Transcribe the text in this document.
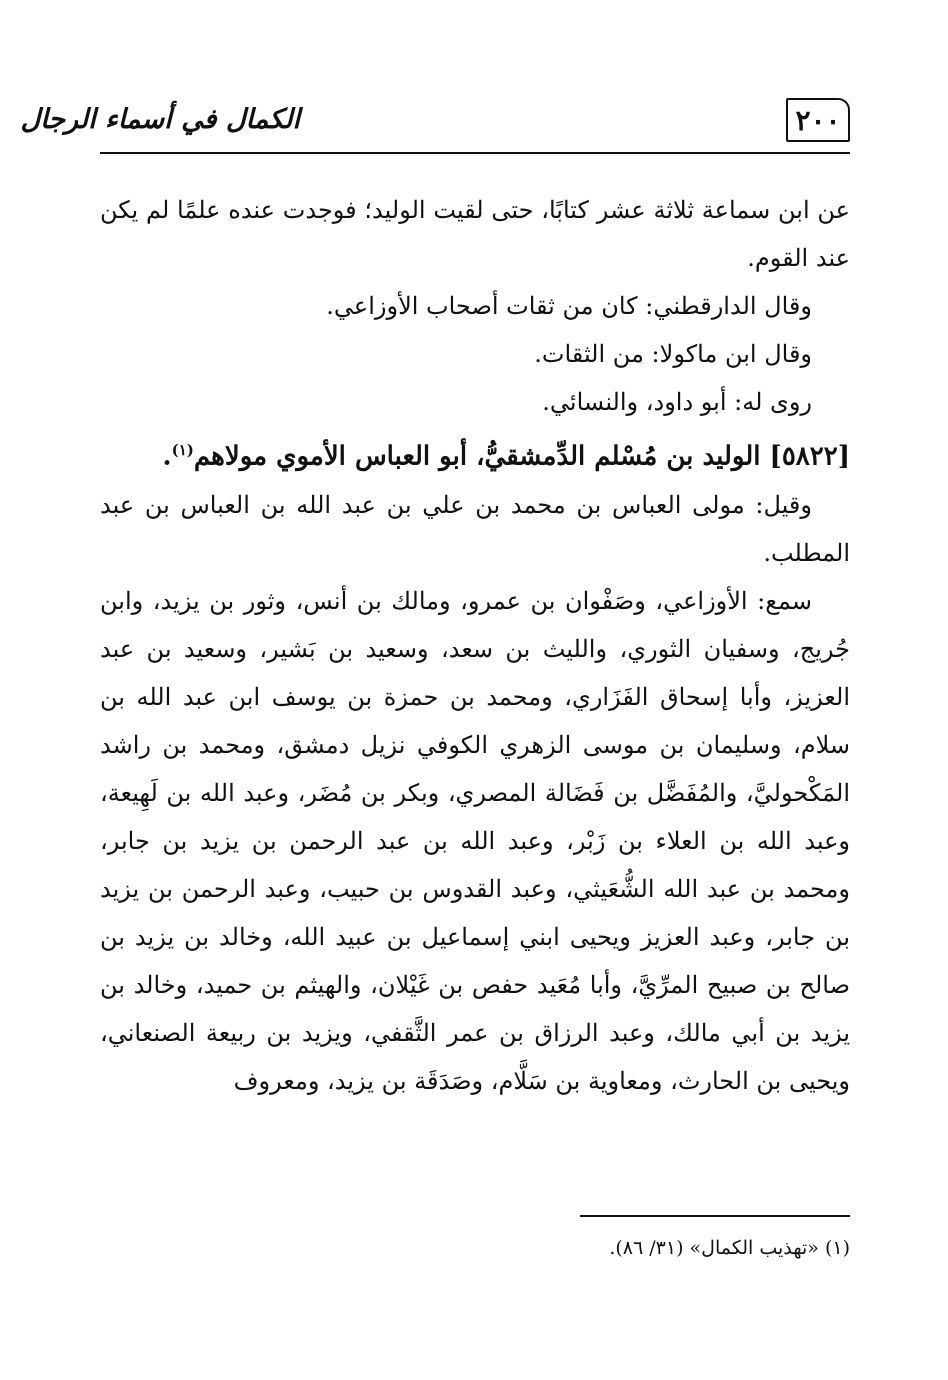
الكمال في أسماء الرجال	٢٠٠

عن ابن سماعة ثلاثة عشر كتابًا، حتى لقيت الوليد؛ فوجدت عنده علمًا لم يكن عند القوم.

وقال الدارقطني: كان من ثقات أصحاب الأوزاعي.

وقال ابن ماكولا: من الثقات.

روى له: أبو داود، والنسائي.

[٥٨٢٢] الوليد بن مُسْلم الدِّمشقيُّ، أبو العباس الأموي مولاهم$^{(١)}$.

وقيل: مولى العباس بن محمد بن علي بن عبد الله بن العباس بن عبد المطلب.

سمع: الأوزاعي، وصَفْوان بن عمرو، ومالك بن أنس، وثور بن يزيد، وابن جُريج، وسفيان الثوري، والليث بن سعد، وسعيد بن بَشير، وسعيد بن عبد العزيز، وأبا إسحاق الفَزَاري، ومحمد بن حمزة بن يوسف ابن عبد الله بن سلام، وسليمان بن موسى الزهري الكوفي نزيل دمشق، ومحمد بن راشد المَكْحوليَّ، والمُفَضَّل بن فَضَالة المصري، وبكر بن مُضَر، وعبد الله بن لَهِيعة، وعبد الله بن العلاء بن زَبْر، وعبد الله بن عبد الرحمن بن يزيد بن جابر، ومحمد بن عبد الله الشُّعَيثي، وعبد القدوس بن حبيب، وعبد الرحمن بن يزيد بن جابر، وعبد العزيز ويحيى ابني إسماعيل بن عبيد الله، وخالد بن يزيد بن صالح بن صبيح المرِّيَّ، وأبا مُعَيد حفص بن غَيْلان، والهيثم بن حميد، وخالد بن يزيد بن أبي مالك، وعبد الرزاق بن عمر الثَّقفي، ويزيد بن ربيعة الصنعاني، ويحيى بن الحارث، ومعاوية بن سَلَّام، وصَدَقَة بن يزيد، ومعروف

(١) «تهذيب الكمال» (٣١/ ٨٦).
